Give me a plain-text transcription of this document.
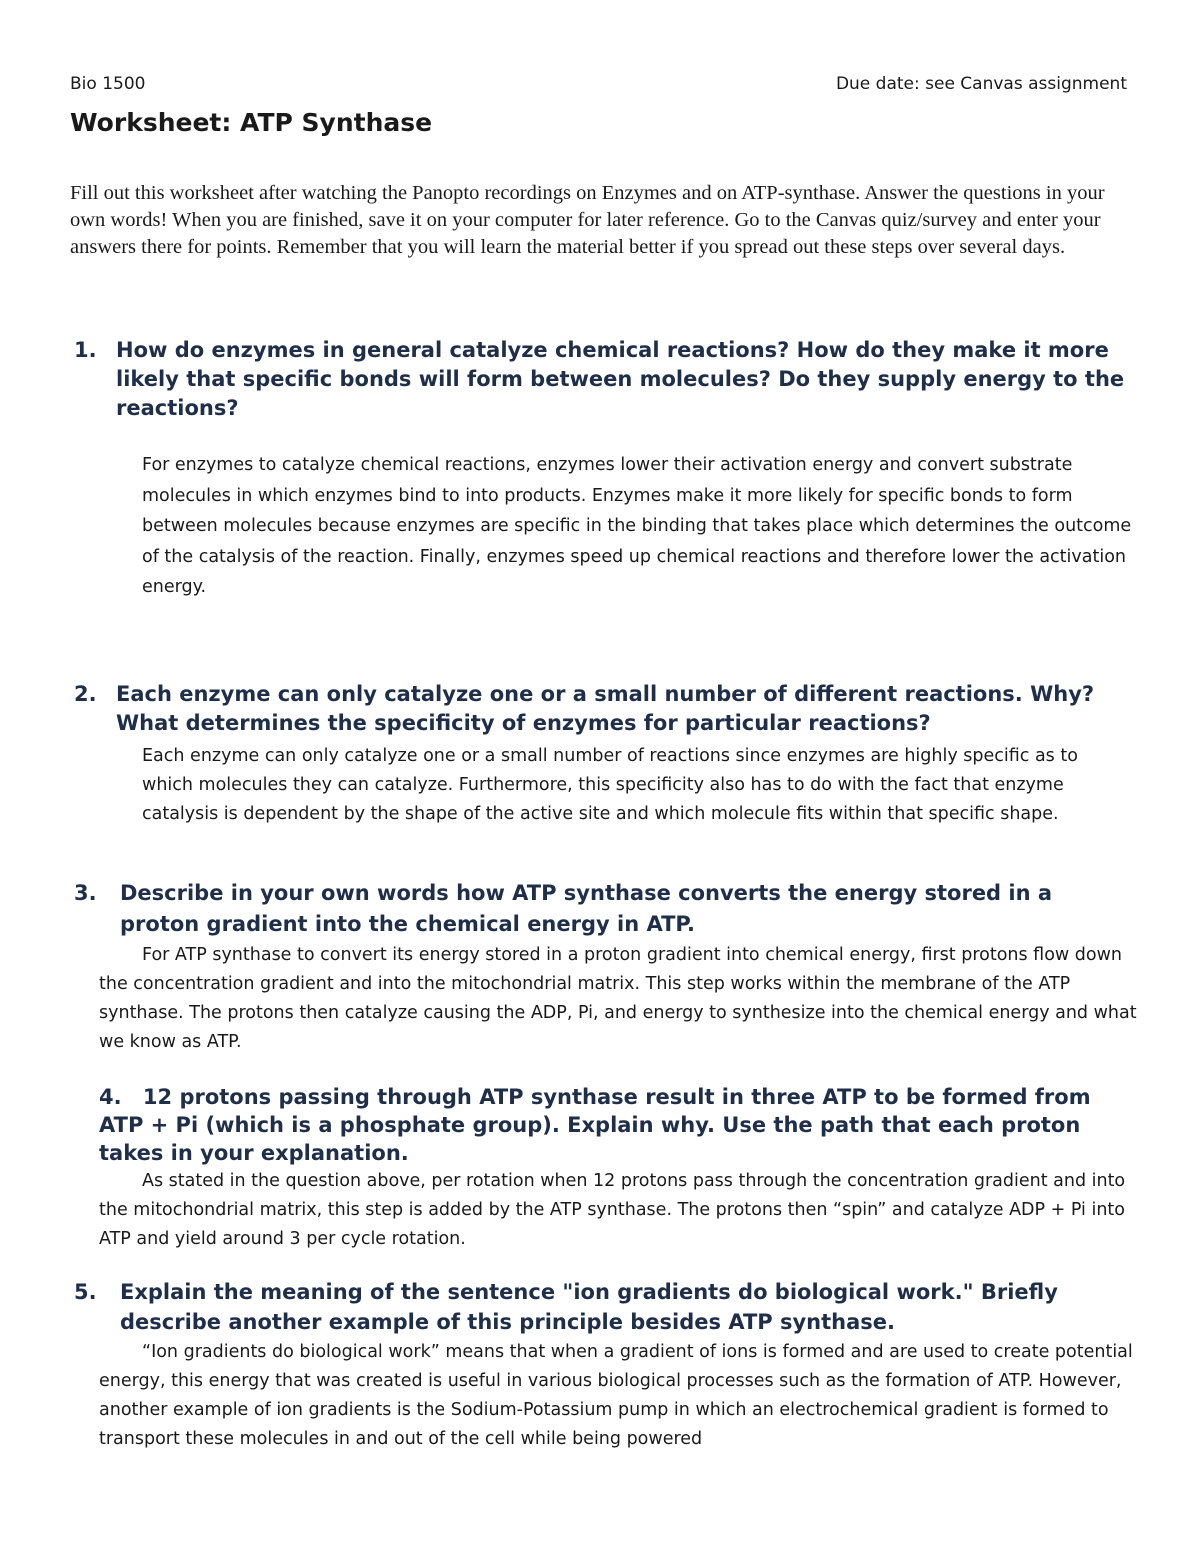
Bio 1500	Due date: see Canvas assignment
Worksheet: ATP Synthase

Fill out this worksheet after watching the Panopto recordings on Enzymes and on ATP-synthase. Answer the questions in your own words! When you are finished, save it on your computer for later reference. Go to the Canvas quiz/survey and enter your answers there for points. Remember that you will learn the material better if you spread out these steps over several days.

1. How do enzymes in general catalyze chemical reactions? How do they make it more likely that specific bonds will form between molecules? Do they supply energy to the reactions?

For enzymes to catalyze chemical reactions, enzymes lower their activation energy and convert substrate molecules in which enzymes bind to into products. Enzymes make it more likely for specific bonds to form between molecules because enzymes are specific in the binding that takes place which determines the outcome of the catalysis of the reaction. Finally, enzymes speed up chemical reactions and therefore lower the activation energy.

2. Each enzyme can only catalyze one or a small number of different reactions. Why? What determines the specificity of enzymes for particular reactions?

Each enzyme can only catalyze one or a small number of reactions since enzymes are highly specific as to which molecules they can catalyze. Furthermore, this specificity also has to do with the fact that enzyme catalysis is dependent by the shape of the active site and which molecule fits within that specific shape.

3.	Describe in your own words how ATP synthase converts the energy stored in a proton gradient into the chemical energy in ATP.

For ATP synthase to convert its energy stored in a proton gradient into chemical energy, first protons flow down the concentration gradient and into the mitochondrial matrix. This step works within the membrane of the ATP synthase. The protons then catalyze causing the ADP, Pi, and energy to synthesize into the chemical energy and what we know as ATP.

4. 12 protons passing through ATP synthase result in three ATP to be formed from ATP + Pi (which is a phosphate group). Explain why. Use the path that each proton takes in your explanation.

As stated in the question above, per rotation when 12 protons pass through the concentration gradient and into the mitochondrial matrix, this step is added by the ATP synthase. The protons then “spin” and catalyze ADP + Pi into ATP and yield around 3 per cycle rotation.

5.	Explain the meaning of the sentence "ion gradients do biological work." Briefly describe another example of this principle besides ATP synthase.

“Ion gradients do biological work” means that when a gradient of ions is formed and are used to create potential energy, this energy that was created is useful in various biological processes such as the formation of ATP. However, another example of ion gradients is the Sodium-Potassium pump in which an electrochemical gradient is formed to transport these molecules in and out of the cell while being powered
